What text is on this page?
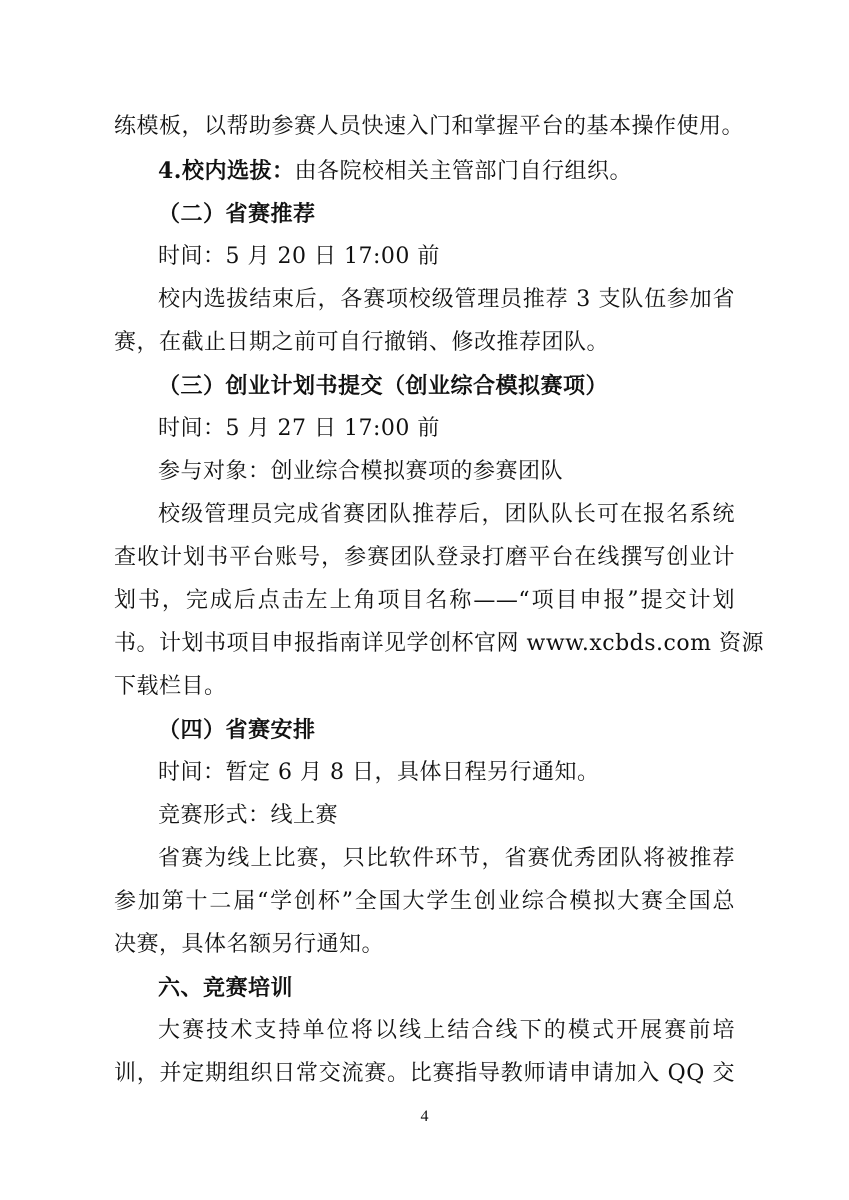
练模板，以帮助参赛人员快速入门和掌握平台的基本操作使用。
4.校内选拔：由各院校相关主管部门自行组织。
（二）省赛推荐
时间：5 月 20 日 17:00 前
校内选拔结束后，各赛项校级管理员推荐 3 支队伍参加省
赛，在截止日期之前可自行撤销、修改推荐团队。
（三）创业计划书提交（创业综合模拟赛项）
时间：5 月 27 日 17:00 前
参与对象：创业综合模拟赛项的参赛团队
校级管理员完成省赛团队推荐后，团队队长可在报名系统
查收计划书平台账号，参赛团队登录打磨平台在线撰写创业计
划书，完成后点击左上角项目名称——“项目申报”提交计划
书。计划书项目申报指南详见学创杯官网 www.xcbds.com 资源
下载栏目。
（四）省赛安排
时间：暂定 6 月 8 日，具体日程另行通知。
竞赛形式：线上赛
省赛为线上比赛，只比软件环节，省赛优秀团队将被推荐
参加第十二届“学创杯”全国大学生创业综合模拟大赛全国总
决赛，具体名额另行通知。
六、竞赛培训
大赛技术支持单位将以线上结合线下的模式开展赛前培
训，并定期组织日常交流赛。比赛指导教师请申请加入 QQ 交
4
